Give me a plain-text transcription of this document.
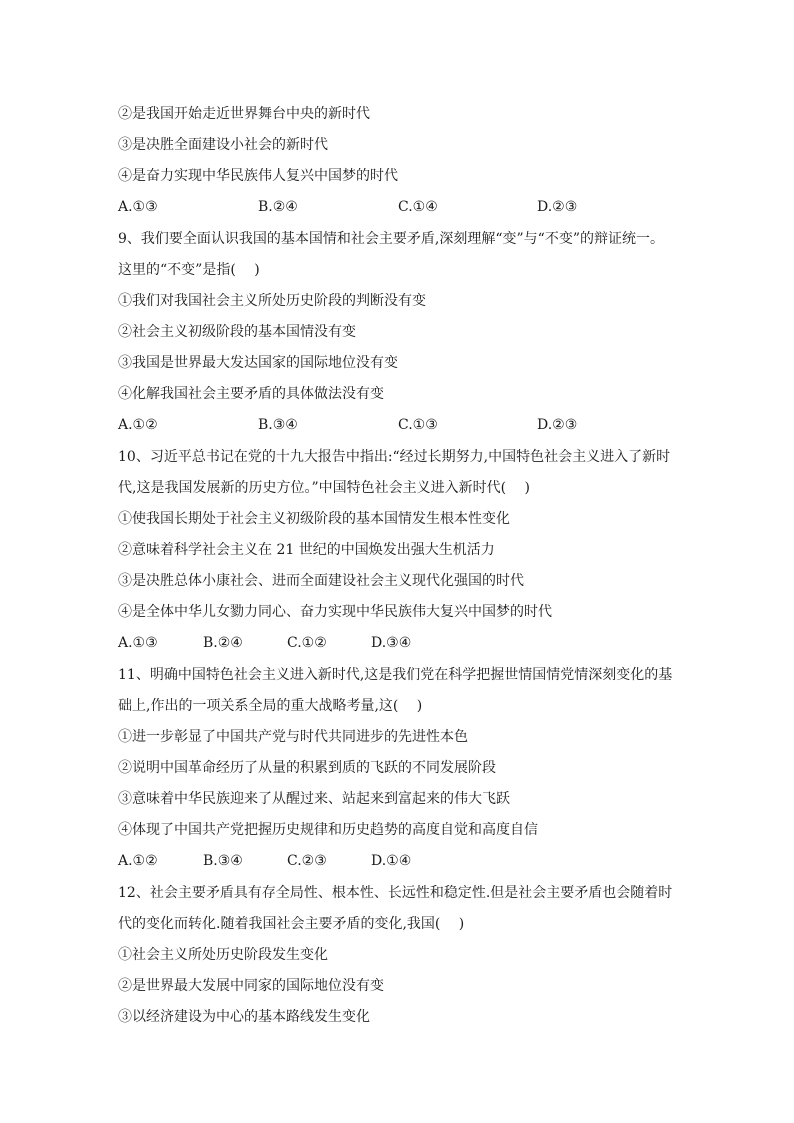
②是我国开始走近世界舞台中央的新时代
③是决胜全面建设小社会的新时代
④是奋力实现中华民族伟人复兴中国梦的时代
A.①③	B.②④	C.①④	D.②③
9、我们要全面认识我国的基本国情和社会主要矛盾,深刻理解“变”与“不变”的辩证统一。
这里的“不变”是指(　 )
①我们对我国社会主义所处历史阶段的判断没有变
②社会主义初级阶段的基本国情没有变
③我国是世界最大发达国家的国际地位没有变
④化解我国社会主要矛盾的具体做法没有变
A.①②	B.③④	C.①③	D.②③
10、习近平总书记在党的十九大报告中指出:“经过长期努力,中国特色社会主义进入了新时
代,这是我国发展新的历史方位。”中国特色社会主义进入新时代(　 )
①使我国长期处于社会主义初级阶段的基本国情发生根本性变化
②意味着科学社会主义在 21 世纪的中国焕发出强大生机活力
③是决胜总体小康社会、进而全面建设社会主义现代化强国的时代
④是全体中华儿女勠力同心、奋力实现中华民族伟大复兴中国梦的时代
A.①③	B.②④	C.①②	D.③④
11、明确中国特色社会主义进入新时代,这是我们党在科学把握世情国情党情深刻变化的基
础上,作出的一项关系全局的重大战略考量,这(　 )
①进一步彰显了中国共产党与时代共同进步的先进性本色
②说明中国革命经历了从量的积累到质的飞跃的不同发展阶段
③意味着中华民族迎来了从醒过来、站起来到富起来的伟大飞跃
④体现了中国共产党把握历史规律和历史趋势的高度自觉和高度自信
A.①②	B.③④	C.②③	D.①④
12、社会主要矛盾具有存全局性、根本性、长远性和稳定性.但是社会主要矛盾也会随着时
代的变化而转化.随着我国社会主要矛盾的变化,我国(　 )
①社会主义所处历史阶段发生变化
②是世界最大发展中同家的国际地位没有变
③以经济建设为中心的基本路线发生变化
